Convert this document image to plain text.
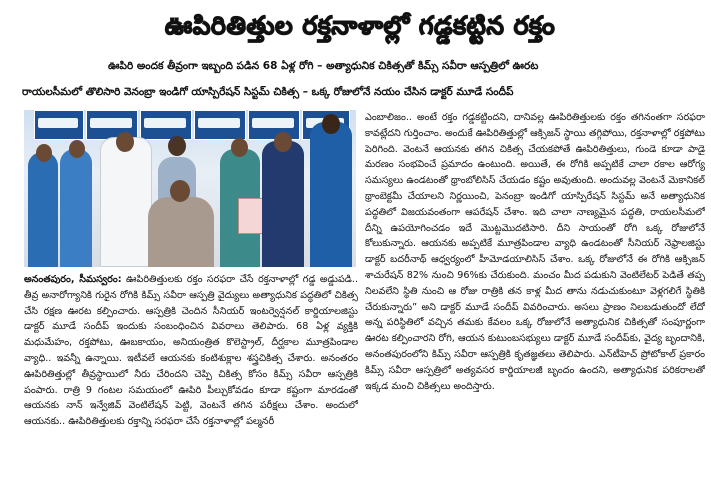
ఊపిరితిత్తుల రక్తనాళాల్లో గడ్డకట్టిన రక్తం
ఊపిరి అందక తీవ్రంగా ఇబ్బంది పడిన 68 ఏళ్ల రోగి – అత్యాధునిక చికిత్సతో కిమ్స్ సవీరా ఆస్పత్రిలో ఊరట
రాయలసీమలో తొలిసారి వెనంబ్రా ఇండిగో యాస్పిరేషన్ సిస్టమ్ చికిత్స – ఒక్క రోజులోనే నయం చేసిన డాక్టర్ మూడే సందీప్

అనంతపురం, సీమస్వరం: ఊపిరితిత్తులకు రక్తం సరఫరా చేసే రక్తనాళాల్లో గడ్డ అడ్డుపడి.. తీవ్ర అనారోగ్యానికి గురైన రోగికి కిమ్స్ సవీరా ఆస్పత్రి వైద్యులు అత్యాధునిక పద్ధతిలో చికిత్స చేసి రక్షణ ఊరట కల్పించారు. ఆస్పత్రికి చెందిన సీనియర్ ఇంటర్వెన్షనల్ కార్డియాలజిస్టు డాక్టర్ మూడే సందీప్ ఇందుకు సంబంధించిన వివరాలు తెలిపారు. 68 ఏళ్ల వ్యక్తికి మధుమేహం, రక్తపోటు, ఊబకాయం, అనియంత్రిత కొలెస్ట్రాల్, దీర్ఘకాల మూత్రపిండాల వ్యాధి.. ఇవన్నీ ఉన్నాయి. ఇటీవలే ఆయనకు కంటిశుక్లాల శస్త్రచికిత్స చేశారు. అనంతరం ఊపిరితిత్తుల్లో తీవ్రస్థాయిలో నీరు చేరిందని చెప్పి చికిత్స కోసం కిమ్స్ సవీరా ఆస్పత్రికి పంపారు. రాత్రి 9 గంటల సమయంలో ఊపిరి పీల్చుకోవడం కూడా కష్టంగా మారడంతో ఆయనకు నాన్ ఇన్వేజివ్ వెంటిలేషన్ పెట్టి, వెంటనే తగిన పరీక్షలు చేశాం. అందులో ఆయనకు.. ఊపిరితిత్తులకు రక్తాన్ని సరఫరా చేసే రక్తనాళాల్లో పల్మనరీ

ఎంబాలిజం.. అంటే రక్తం గడ్డకట్టిందని, దానివల్ల ఊపిరితిత్తులకు రక్తం తగినంతగా సరఫరా కావట్లేదని గుర్తించాం. అందుకే ఊపిరితిత్తుల్లో ఆక్సిజన్ స్థాయి తగ్గిపోయి, రక్తనాళాల్లో రక్తపోటు పెరిగింది. వెంటనే ఆయనకు తగిన చికిత్స చేయకపోతే ఊపిరితిత్తులు, గుండె కూడా పాడై మరణం సంభవించే ప్రమాదం ఉంటుంది. అయితే, ఈ రోగికి అప్పటికే చాలా రకాల ఆరోగ్య సమస్యలు ఉండటంతో థ్రాంబోలిసిస్ చేయడం కష్టం అవుతుంది. అందువల్ల వెంటనే మెకానికల్ థ్రాంబెక్టమీ చేయాలని నిర్ణయించి, పెనంబ్రా ఇండిగో యాస్పిరేషన్ సిస్టమ్ అనే అత్యాధునిక పద్ధతిలో విజయవంతంగా ఆపరేషన్ చేశాం. ఇది చాలా నాణ్యమైన పద్ధతి, రాయలసీమలో దీన్ని ఉపయోగించడం ఇదే మొట్టమొదటిసారి. దీని సాయంతో రోగి ఒక్క రోజులోనే కోలుకున్నారు. ఆయనకు అప్పటికే మూత్రపిండాల వ్యాధి ఉండటంతో సీనియర్ నెఫ్రాలజిస్టు డాక్టర్ బదరీనాథ్ ఆధ్వర్యంలో హీమోడయాలిసిస్ చేశాం. ఒక్క రోజులోనే ఈ రోగికి ఆక్సిజన్ శాచురేషన్ 82% నుంచి 96%కు చేరుకుంది. మంచం మీద పడుకుని వెంటిలేటర్ పెడితే తప్ప నిలవలేని స్థితి నుంచి ఆ రోజు రాత్రికి తన కాళ్ల మీద తాను నడుచుకుంటూ వెళ్లగలిగే స్థితికి చేరుకున్నారు” అని డాక్టర్ మూడే సందీప్ వివరించారు. అసలు ప్రాణం నిలబడుతుందో లేదో అన్న పరిస్థితిలో వచ్చిన తమకు కేవలం ఒక్క రోజులోనే అత్యాధునిక చికిత్సతో సంపూర్ణంగా ఊరట కల్పించారని రోగి, ఆయన కుటుంబసభ్యులు డాక్టర్ మూడే సందీప్‌కు, వైద్య బృందానికి, అనంతపురంలోని కిమ్స్ సవీరా ఆస్పత్రికి కృతజ్ఞతలు తెలిపారు. ఎన్‌టీహెచ్ ప్రోటోకాల్ ప్రకారం కిమ్స్ సవీరా ఆస్పత్రిలో అత్యవసర కార్డియాలజీ బృందం ఉందని, అత్యాధునిక పరికరాలతో ఇక్కడ మంచి చికిత్సలు అందిస్తారు.
